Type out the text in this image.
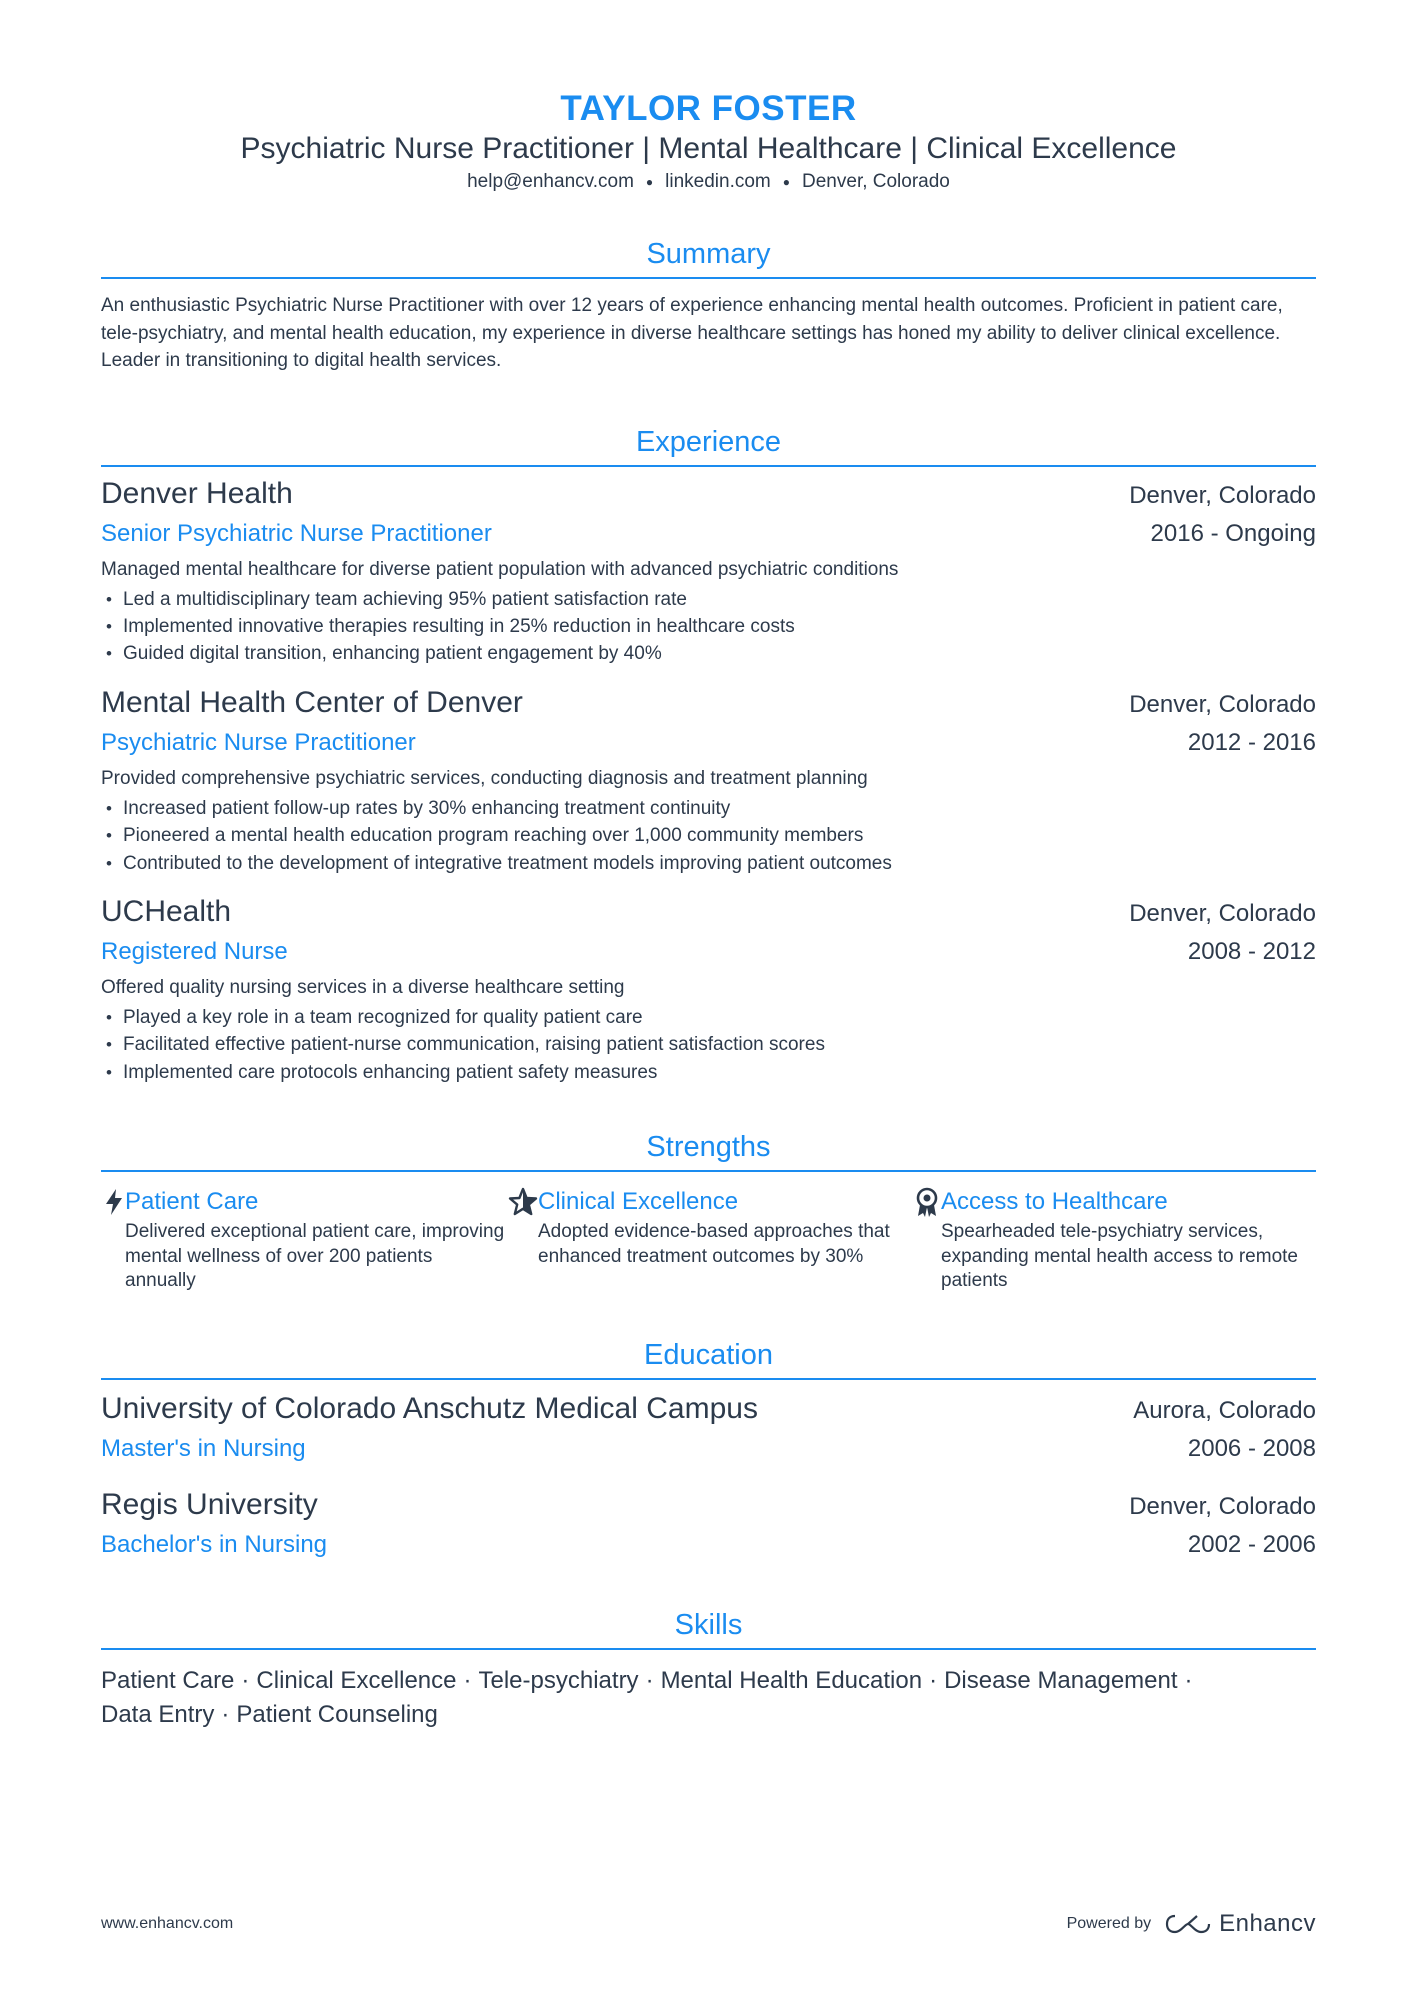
TAYLOR FOSTER
Psychiatric Nurse Practitioner | Mental Healthcare | Clinical Excellence
help@enhancv.com ● linkedin.com ● Denver, Colorado
Summary
An enthusiastic Psychiatric Nurse Practitioner with over 12 years of experience enhancing mental health outcomes. Proficient in patient care, tele-psychiatry, and mental health education, my experience in diverse healthcare settings has honed my ability to deliver clinical excellence. Leader in transitioning to digital health services.
Experience
Denver Health	Denver, Colorado
Senior Psychiatric Nurse Practitioner	2016 - Ongoing
Managed mental healthcare for diverse patient population with advanced psychiatric conditions
• Led a multidisciplinary team achieving 95% patient satisfaction rate
• Implemented innovative therapies resulting in 25% reduction in healthcare costs
• Guided digital transition, enhancing patient engagement by 40%
Mental Health Center of Denver	Denver, Colorado
Psychiatric Nurse Practitioner	2012 - 2016
Provided comprehensive psychiatric services, conducting diagnosis and treatment planning
• Increased patient follow-up rates by 30% enhancing treatment continuity
• Pioneered a mental health education program reaching over 1,000 community members
• Contributed to the development of integrative treatment models improving patient outcomes
UCHealth	Denver, Colorado
Registered Nurse	2008 - 2012
Offered quality nursing services in a diverse healthcare setting
• Played a key role in a team recognized for quality patient care
• Facilitated effective patient-nurse communication, raising patient satisfaction scores
• Implemented care protocols enhancing patient safety measures
Strengths
Patient Care
Delivered exceptional patient care, improving mental wellness of over 200 patients annually
Clinical Excellence
Adopted evidence-based approaches that enhanced treatment outcomes by 30%
Access to Healthcare
Spearheaded tele-psychiatry services, expanding mental health access to remote patients
Education
University of Colorado Anschutz Medical Campus	Aurora, Colorado
Master's in Nursing	2006 - 2008
Regis University	Denver, Colorado
Bachelor's in Nursing	2002 - 2006
Skills
Patient Care · Clinical Excellence · Tele-psychiatry · Mental Health Education · Disease Management ·
Data Entry · Patient Counseling
www.enhancv.com	Powered by	Enhancv
